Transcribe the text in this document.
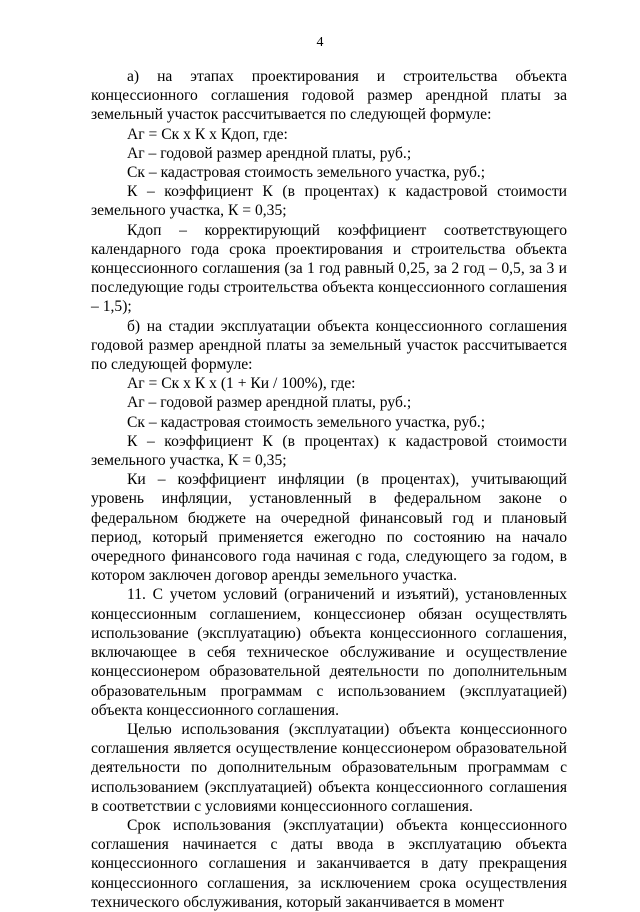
4

а) на этапах проектирования и строительства объекта концессионного соглашения годовой размер арендной платы за земельный участок рассчитывается по следующей формуле:

Аг = Ск х К х Кдоп, где:

Аг – годовой размер арендной платы, руб.;

Ск – кадастровая стоимость земельного участка, руб.;

К – коэффициент К (в процентах) к кадастровой стоимости земельного участка, К = 0,35;

Кдоп – корректирующий коэффициент соответствующего календарного года срока проектирования и строительства объекта концессионного соглашения (за 1 год равный 0,25, за 2 год – 0,5, за 3 и последующие годы строительства объекта концессионного соглашения – 1,5);

б) на стадии эксплуатации объекта концессионного соглашения годовой размер арендной платы за земельный участок рассчитывается по следующей формуле:

Аг = Ск х К х (1 + Ки / 100%), где:

Аг – годовой размер арендной платы, руб.;

Ск – кадастровая стоимость земельного участка, руб.;

К – коэффициент К (в процентах) к кадастровой стоимости земельного участка, К = 0,35;

Ки – коэффициент инфляции (в процентах), учитывающий уровень инфляции, установленный в федеральном законе о федеральном бюджете на очередной финансовый год и плановый период, который применяется ежегодно по состоянию на начало очередного финансового года начиная с года, следующего за годом, в котором заключен договор аренды земельного участка.

11. С учетом условий (ограничений и изъятий), установленных концессионным соглашением, концессионер обязан осуществлять использование (эксплуатацию) объекта концессионного соглашения, включающее в себя техническое обслуживание и осуществление концессионером образовательной деятельности по дополнительным образовательным программам с использованием (эксплуатацией) объекта концессионного соглашения.

Целью использования (эксплуатации) объекта концессионного соглашения является осуществление концессионером образовательной деятельности по дополнительным образовательным программам с использованием (эксплуатацией) объекта концессионного соглашения в соответствии с условиями концессионного соглашения.

Срок использования (эксплуатации) объекта концессионного соглашения начинается с даты ввода в эксплуатацию объекта концессионного соглашения и заканчивается в дату прекращения концессионного соглашения, за исключением срока осуществления технического обслуживания, который заканчивается в момент
